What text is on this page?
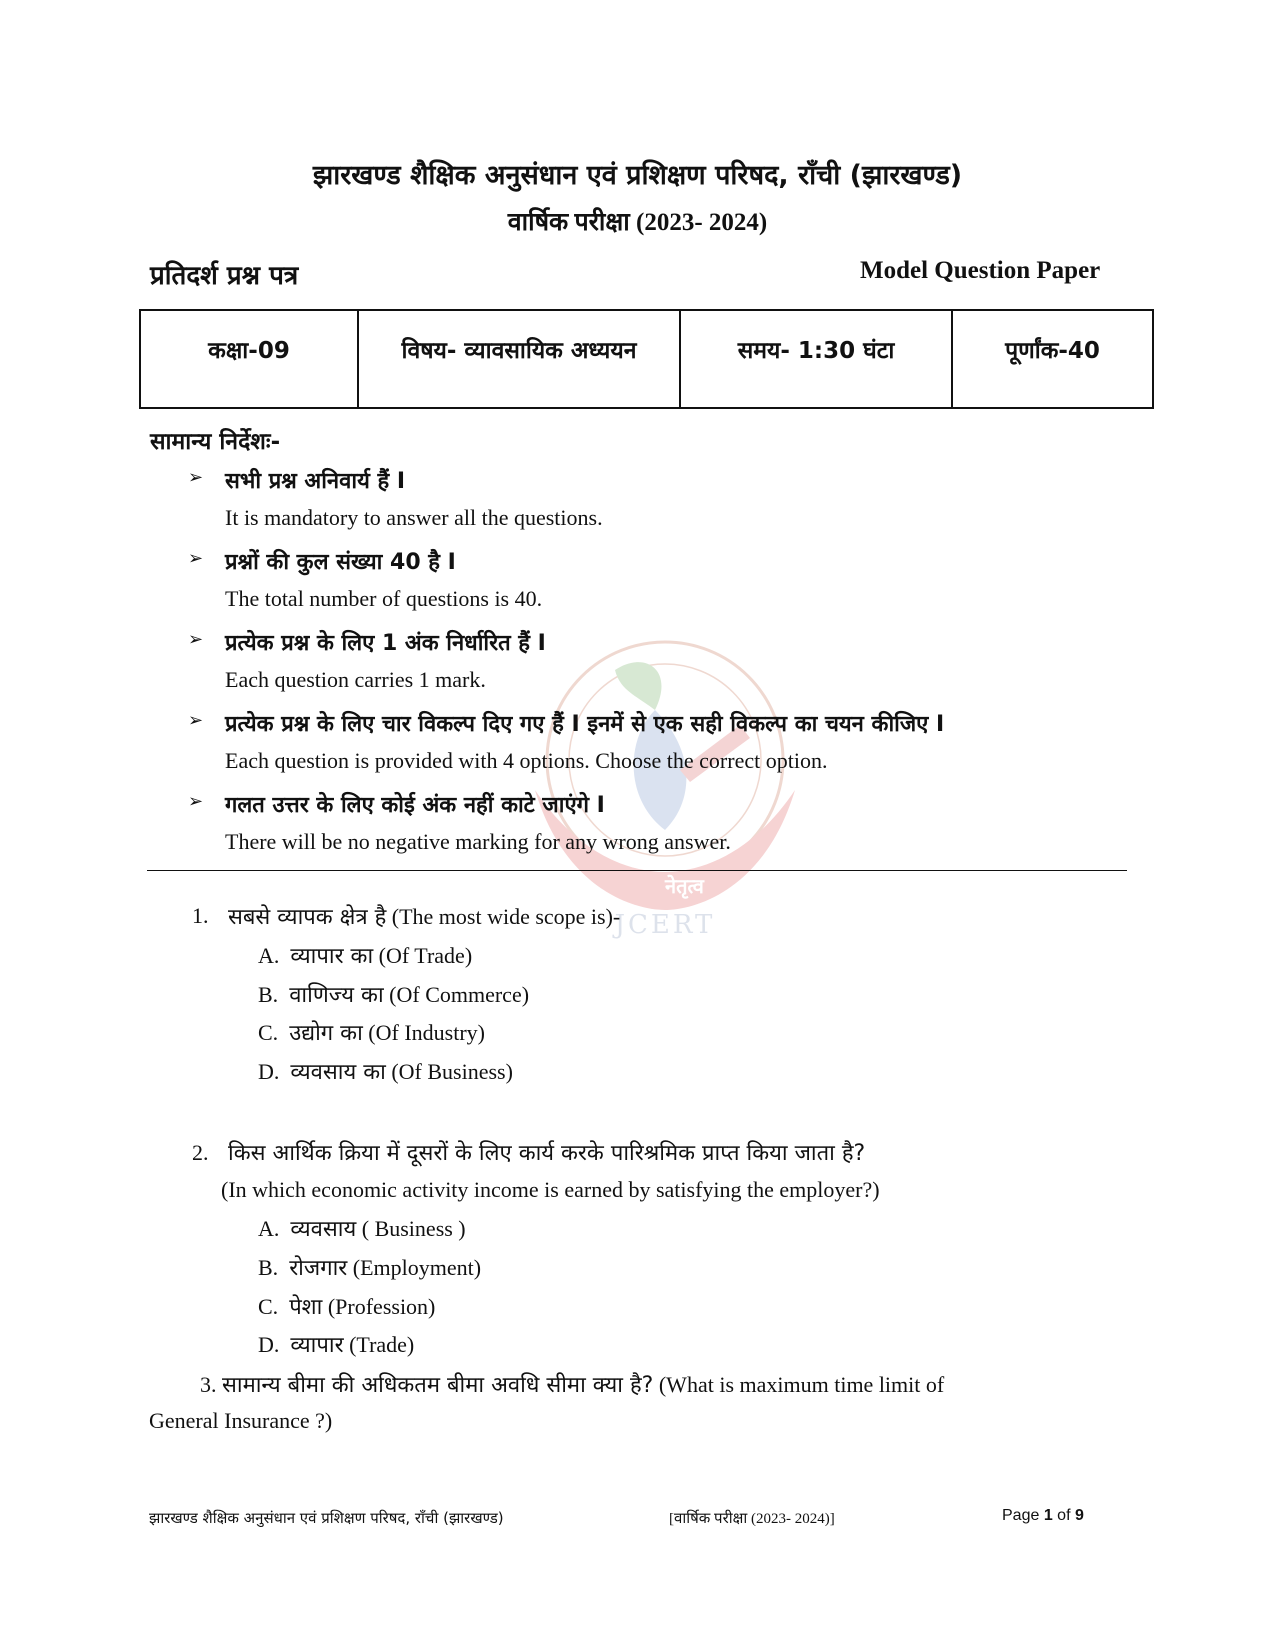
नेतृत्व
JCERT
झारखण्ड शैक्षिक अनुसंधान एवं प्रशिक्षण परिषद, राँची (झारखण्ड)
वार्षिक परीक्षा (2023- 2024)
प्रतिदर्श प्रश्न पत्र	Model Question Paper
कक्षा-09	विषय- व्यावसायिक अध्ययन	समय- 1:30 घंटा	पूर्णांक-40
सामान्य निर्देशः-
➢ सभी प्रश्न अनिवार्य हैं I
It is mandatory to answer all the questions.
➢ प्रश्नों की कुल संख्या 40 है I
The total number of questions is 40.
➢ प्रत्येक प्रश्न के लिए 1 अंक निर्धारित हैं I
Each question carries 1 mark.
➢ प्रत्येक प्रश्न के लिए चार विकल्प दिए गए हैं I इनमें से एक सही विकल्प का चयन कीजिए I
Each question is provided with 4 options. Choose the correct option.
➢ गलत उत्तर के लिए कोई अंक नहीं काटे जाएंगे I
There will be no negative marking for any wrong answer.
1. सबसे व्यापक क्षेत्र है (The most wide scope is)-
A. व्यापार का (Of Trade)
B. वाणिज्य का (Of Commerce)
C. उद्योग का (Of Industry)
D. व्यवसाय का (Of Business)
2. किस आर्थिक क्रिया में दूसरों के लिए कार्य करके पारिश्रमिक प्राप्त किया जाता है?
(In which economic activity income is earned by satisfying the employer?)
A. व्यवसाय ( Business )
B. रोजगार (Employment)
C. पेशा (Profession)
D. व्यापार (Trade)
3. सामान्य बीमा की अधिकतम बीमा अवधि सीमा क्या है? (What is maximum time limit of
General Insurance ?)
झारखण्ड शैक्षिक अनुसंधान एवं प्रशिक्षण परिषद, राँची (झारखण्ड)	[वार्षिक परीक्षा (2023- 2024)]	Page 1 of 9
